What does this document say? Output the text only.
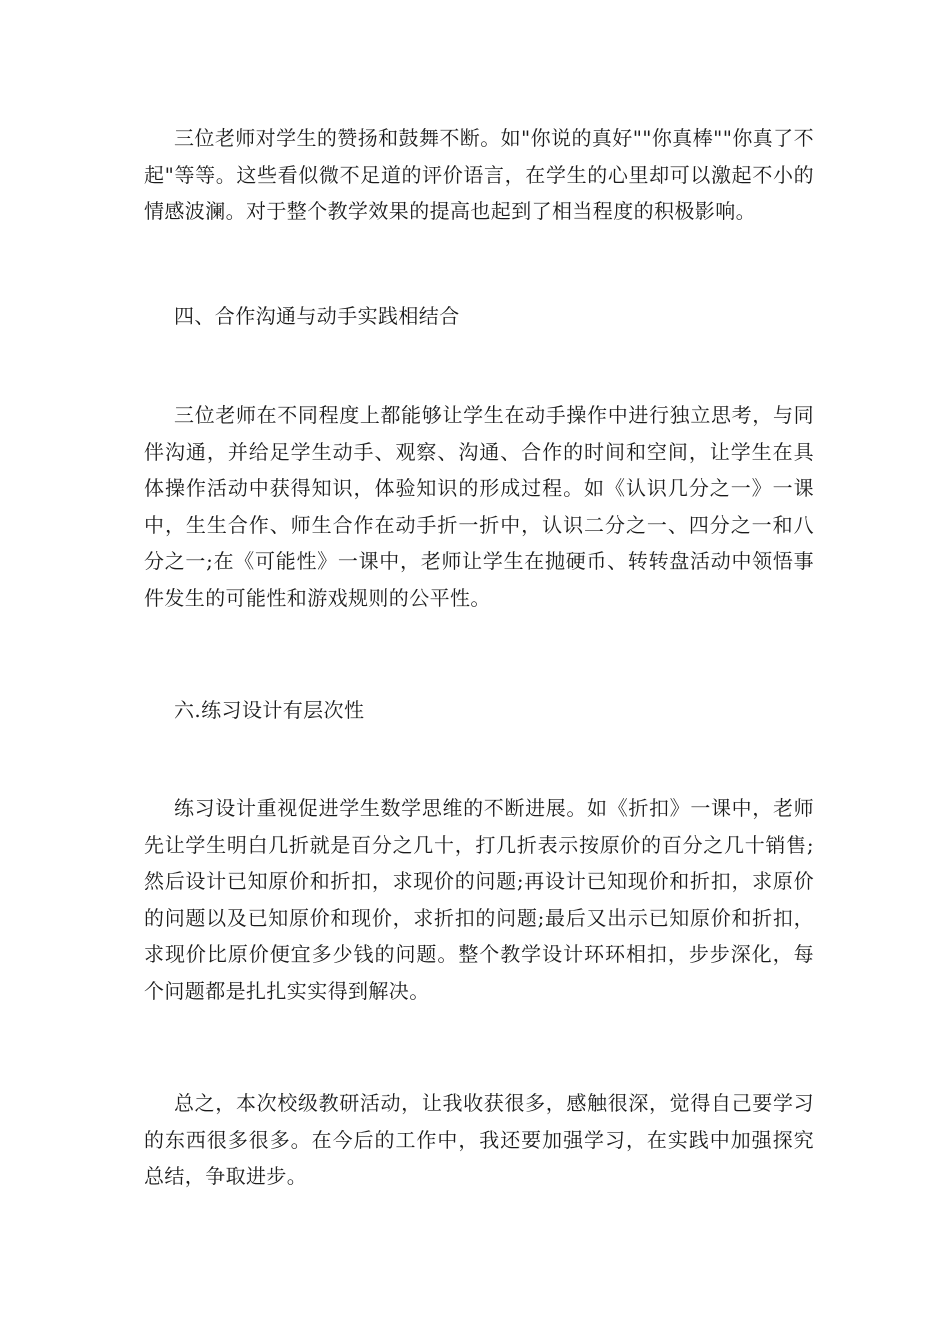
三位老师对学生的赞扬和鼓舞不断。如"你说的真好""你真棒""你真了不起"等等。这些看似微不足道的评价语言，在学生的心里却可以激起不小的情感波澜。对于整个教学效果的提高也起到了相当程度的积极影响。
四、合作沟通与动手实践相结合
三位老师在不同程度上都能够让学生在动手操作中进行独立思考，与同伴沟通，并给足学生动手、观察、沟通、合作的时间和空间，让学生在具体操作活动中获得知识，体验知识的形成过程。如《认识几分之一》一课中，生生合作、师生合作在动手折一折中，认识二分之一、四分之一和八分之一;在《可能性》一课中，老师让学生在抛硬币、转转盘活动中领悟事件发生的可能性和游戏规则的公平性。
六.练习设计有层次性
练习设计重视促进学生数学思维的不断进展。如《折扣》一课中，老师先让学生明白几折就是百分之几十，打几折表示按原价的百分之几十销售;然后设计已知原价和折扣，求现价的问题;再设计已知现价和折扣，求原价的问题以及已知原价和现价，求折扣的问题;最后又出示已知原价和折扣，求现价比原价便宜多少钱的问题。整个教学设计环环相扣，步步深化，每个问题都是扎扎实实得到解决。
总之，本次校级教研活动，让我收获很多，感触很深，觉得自己要学习的东西很多很多。在今后的工作中，我还要加强学习，在实践中加强探究总结，争取进步。
